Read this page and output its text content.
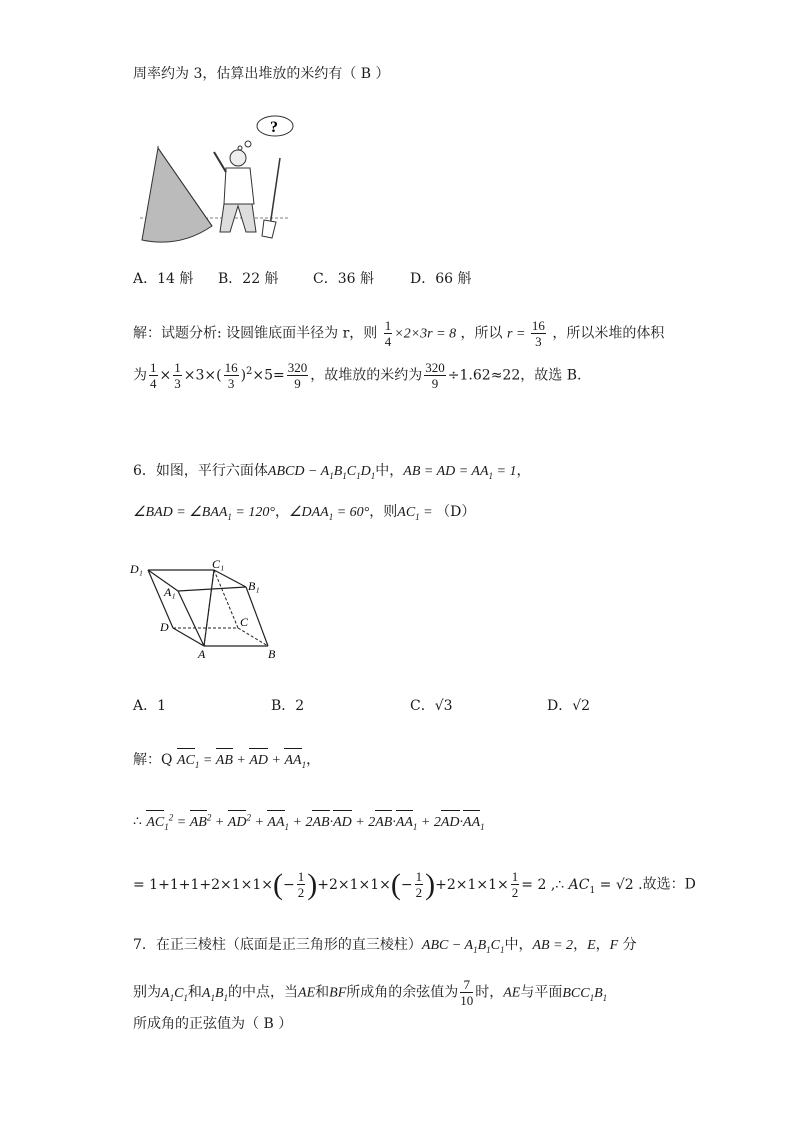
周率约为 3，估算出堆放的米约有（ B ）
?
A．14 斛 B．22 斛 C．36 斛	D．66 斛
解：试题分析: 设圆锥底面半径为 r，则 $\frac{1}{4} \times 2\times 3r = 8$ ，所以 $r = \frac{16}{3}$ ，所以米堆的体积
为 $\frac{1}{4} \times \frac{1}{3} \times 3\times( \frac{16}{3} )^2\times 5= \frac{320}{9}$ ，故堆放的米约为 $\frac{320}{9} \div 1.62\approx 22$，故选 B.
6．如图，平行六面体ABCD − $A_1B_1C_1D_1$中，AB = AD = $AA_1 = 1$，
∠BAD = $\angle BAA_1 = 120^\circ$，$\angle DAA_1 = 60^\circ$，则$AC_1 = (D)$
D₁	C₁
B₁
A₁
D	C
A	B
A．1	B．2	C．√3	D．√2
解：Q $AC_1$ = AB + AD + $AA_1$，
∴ $AC_1^2 = AB^2 + AD^2 + AA_1 + 2AB\cdot AD + 2AB\cdot AA_1 + 2AD\cdot AA_1$
= $1+1+1+2\times 1\times 1\times(- \frac{1}{2} )+2\times 1\times 1\times(- \frac{1}{2} )+2\times 1\times 1\times \frac{1}{2} = 2$ ,∴ $AC_1 = √2$ .故选：D
7．在正三棱柱（底面是正三角形的直三棱柱）$ABC - A_1B_1C_1$中，AB = 2，E，F 分
别为$A_1C_1$和$A_1B_1$的中点，当AE和BF所成角的余弦值为 $\frac{7}{10}$ 时，AE与平面$BCC_1B_1$
所成角的正弦值为（ B ）
